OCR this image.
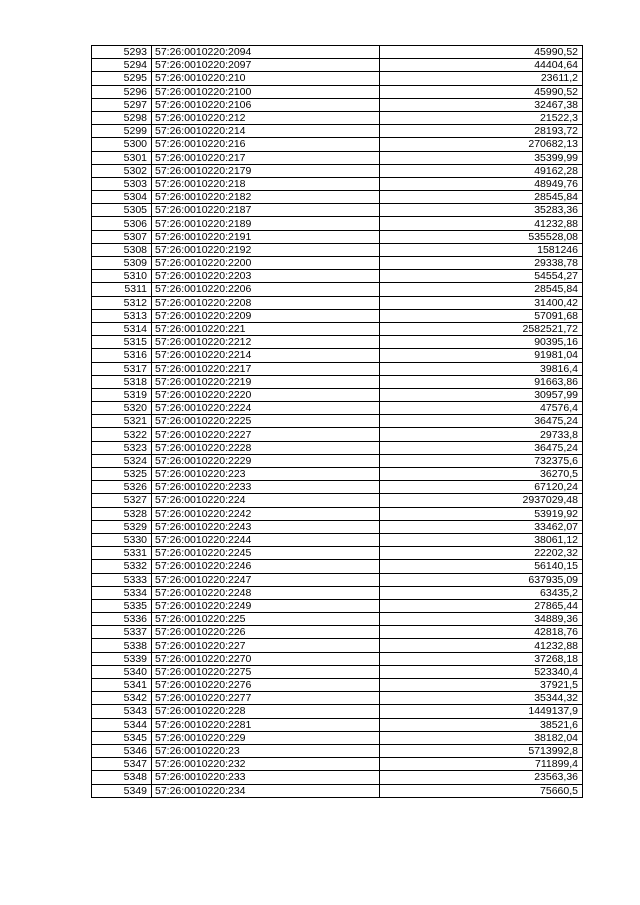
5293	57:26:0010220:2094	45990,52
5294	57:26:0010220:2097	44404,64
5295	57:26:0010220:210	23611,2
5296	57:26:0010220:2100	45990,52
5297	57:26:0010220:2106	32467,38
5298	57:26:0010220:212	21522,3
5299	57:26:0010220:214	28193,72
5300	57:26:0010220:216	270682,13
5301	57:26:0010220:217	35399,99
5302	57:26:0010220:2179	49162,28
5303	57:26:0010220:218	48949,76
5304	57:26:0010220:2182	28545,84
5305	57:26:0010220:2187	35283,36
5306	57:26:0010220:2189	41232,88
5307	57:26:0010220:2191	535528,08
5308	57:26:0010220:2192	1581246
5309	57:26:0010220:2200	29338,78
5310	57:26:0010220:2203	54554,27
5311	57:26:0010220:2206	28545,84
5312	57:26:0010220:2208	31400,42
5313	57:26:0010220:2209	57091,68
5314	57:26:0010220:221	2582521,72
5315	57:26:0010220:2212	90395,16
5316	57:26:0010220:2214	91981,04
5317	57:26:0010220:2217	39816,4
5318	57:26:0010220:2219	91663,86
5319	57:26:0010220:2220	30957,99
5320	57:26:0010220:2224	47576,4
5321	57:26:0010220:2225	36475,24
5322	57:26:0010220:2227	29733,8
5323	57:26:0010220:2228	36475,24
5324	57:26:0010220:2229	732375,6
5325	57:26:0010220:223	36270,5
5326	57:26:0010220:2233	67120,24
5327	57:26:0010220:224	2937029,48
5328	57:26:0010220:2242	53919,92
5329	57:26:0010220:2243	33462,07
5330	57:26:0010220:2244	38061,12
5331	57:26:0010220:2245	22202,32
5332	57:26:0010220:2246	56140,15
5333	57:26:0010220:2247	637935,09
5334	57:26:0010220:2248	63435,2
5335	57:26:0010220:2249	27865,44
5336	57:26:0010220:225	34889,36
5337	57:26:0010220:226	42818,76
5338	57:26:0010220:227	41232,88
5339	57:26:0010220:2270	37268,18
5340	57:26:0010220:2275	523340,4
5341	57:26:0010220:2276	37921,5
5342	57:26:0010220:2277	35344,32
5343	57:26:0010220:228	1449137,9
5344	57:26:0010220:2281	38521,6
5345	57:26:0010220:229	38182,04
5346	57:26:0010220:23	5713992,8
5347	57:26:0010220:232	711899,4
5348	57:26:0010220:233	23563,36
5349	57:26:0010220:234	75660,5
